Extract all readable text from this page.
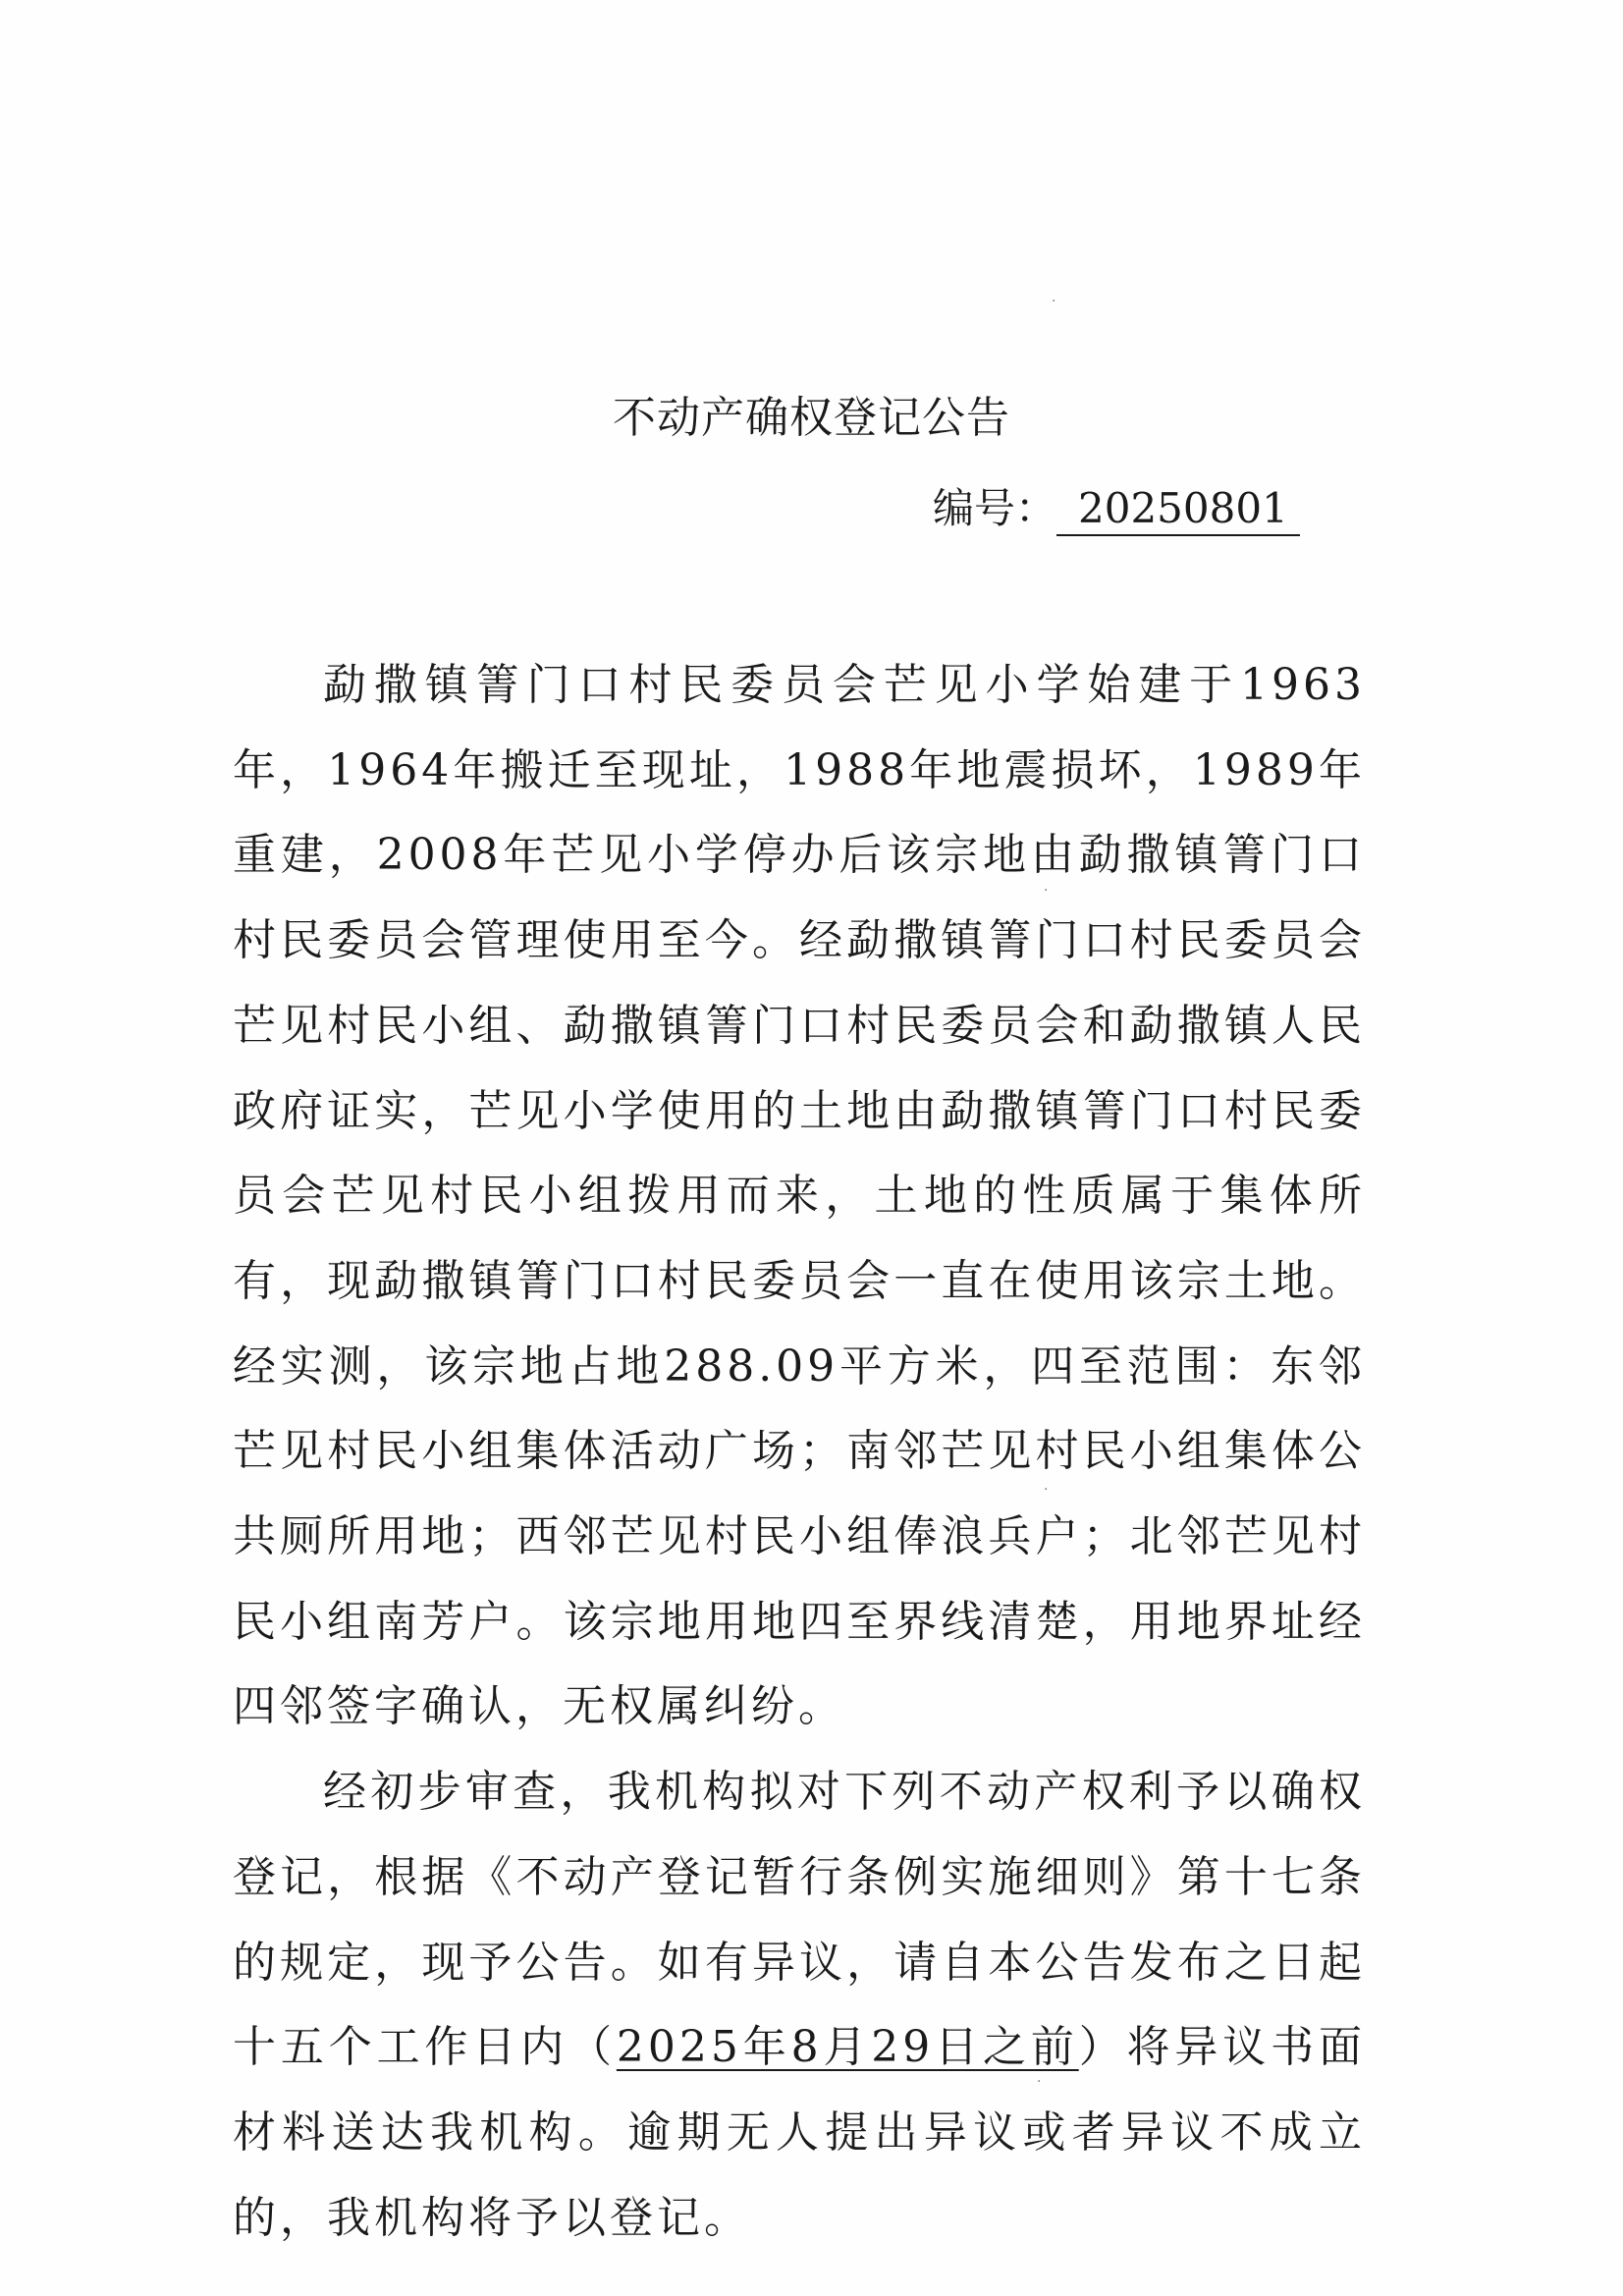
·
·
·
·
不动产确权登记公告
编号： 20250801

勐撒镇箐门口村民委员会芒见小学始建于1963年，1964年搬迁至现址，1988年地震损坏，1989年重建，2008年芒见小学停办后该宗地由勐撒镇箐门口村民委员会管理使用至今。经勐撒镇箐门口村民委员会芒见村民小组、勐撒镇箐门口村民委员会和勐撒镇人民政府证实，芒见小学使用的土地由勐撒镇箐门口村民委员会芒见村民小组拨用而来，土地的性质属于集体所有，现勐撒镇箐门口村民委员会一直在使用该宗土地。经实测，该宗地占地288.09平方米，四至范围：东邻芒见村民小组集体活动广场；南邻芒见村民小组集体公共厕所用地；西邻芒见村民小组俸浪兵户；北邻芒见村民小组南芳户。该宗地用地四至界线清楚，用地界址经四邻签字确认，无权属纠纷。

经初步审查，我机构拟对下列不动产权利予以确权登记，根据《不动产登记暂行条例实施细则》第十七条的规定，现予公告。如有异议，请自本公告发布之日起十五个工作日内（2025年8月29日之前）将异议书面材料送达我机构。逾期无人提出异议或者异议不成立的，我机构将予以登记。
